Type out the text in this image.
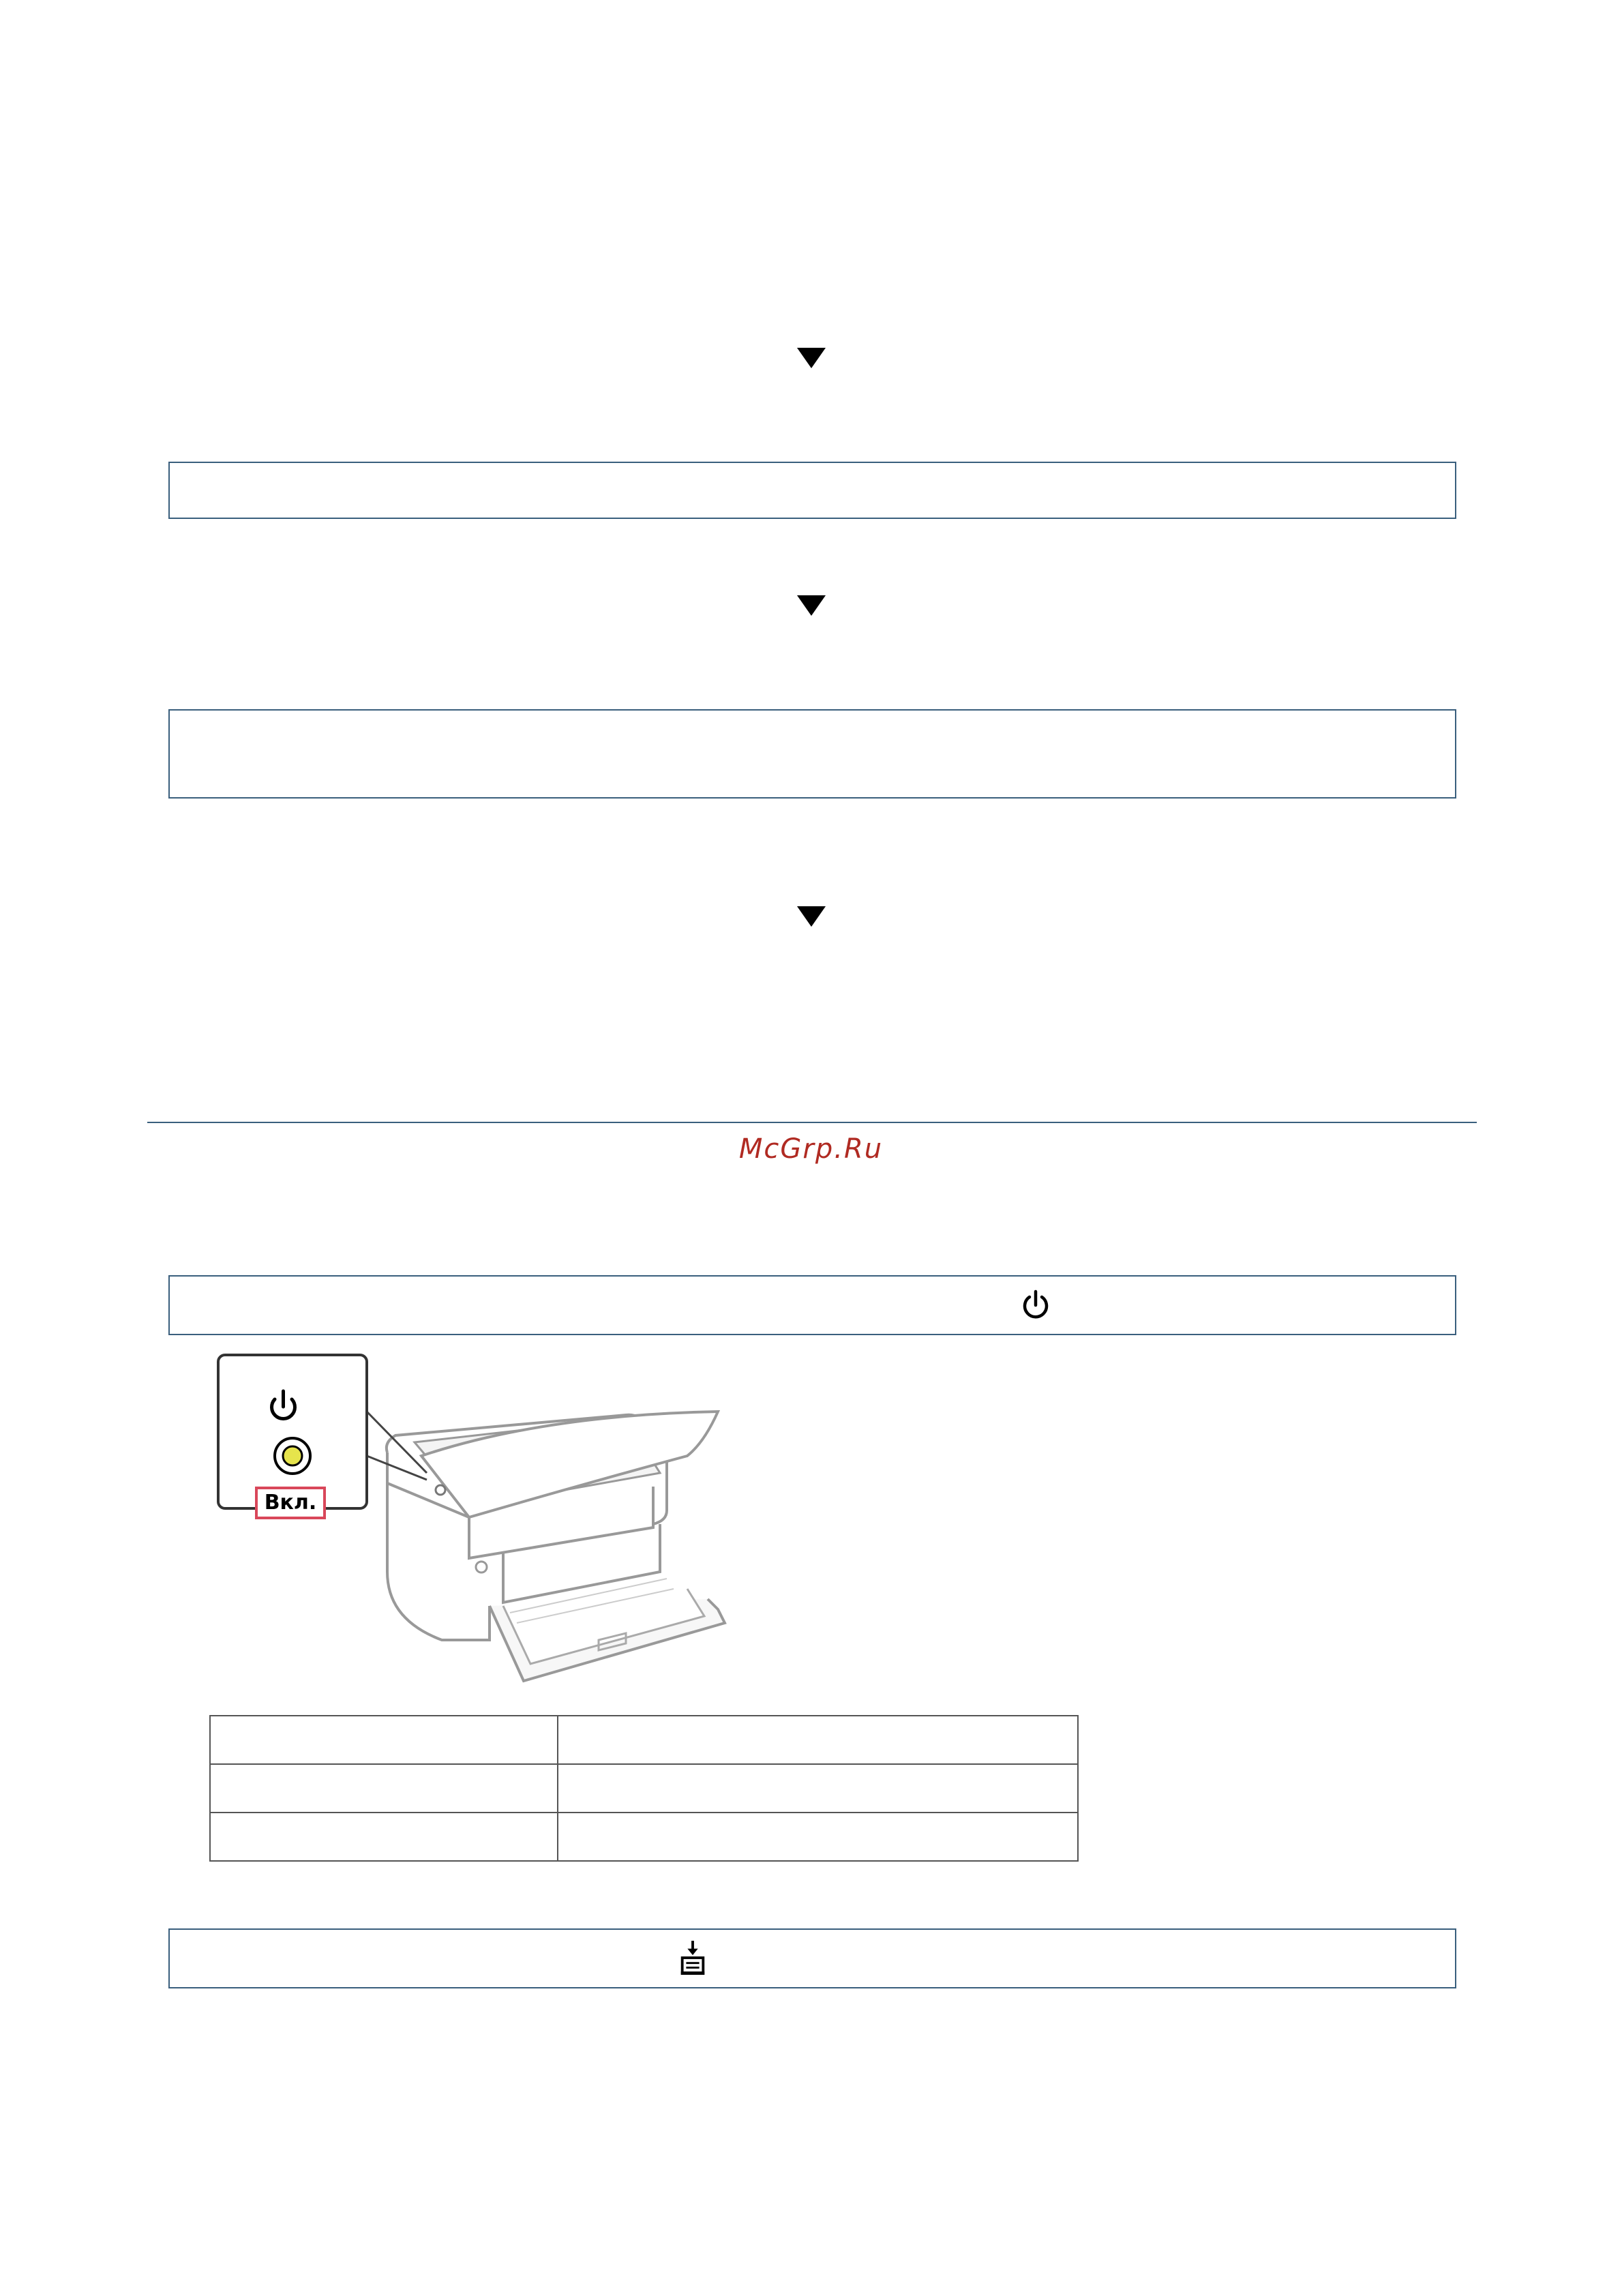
McGrp.Ru
Вкл.
